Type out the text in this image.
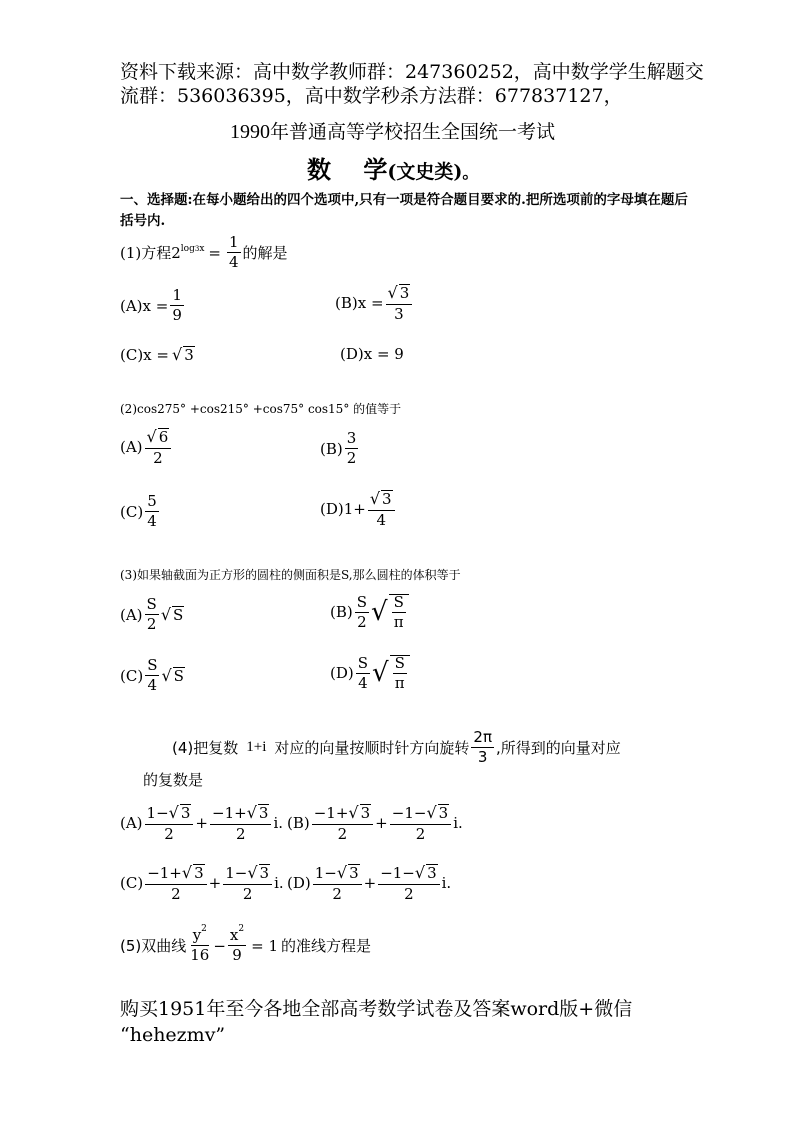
资料下载来源：高中数学教师群：247360252，高中数学学生解题交
流群：536036395，高中数学秒杀方法群：677837127，
1990年普通高等学校招生全国统一考试
数　 学(文史类)。
一、选择题:在每小题给出的四个选项中,只有一项是符合题目要求的.把所选项前的字母填在题后括号内.
(1)方程 2 $\log 3x = \frac{1}{4}$ 的解是
$(A)x = \frac{1}{9}$	$(B)x = \frac{√ 3}{3}$
(C)x = √ 3	(D)x = 9
(2)cos275° +cos215° +cos75° cos15° 的值等于
$(A) \frac{√ 6}{2}$	$(B) \frac{3}{2}$
$(C) \frac{5}{4}$	$(D)1+ \frac{√ 3}{4}$
(3)如果轴截面为正方形的圆柱的侧面积是S,那么圆柱的体积等于
$(A) \frac{S}{2}$ √ S	$(B) \frac{S}{2}$ √ $\frac{S}{\pi}$
$(C) \frac{S}{4}$ √ S	$(D) \frac{S}{4}$ √ $\frac{S}{\pi}$
(4)把复数 1+i 对应的向量按顺时针方向旋转 $\frac{2\pi}{3}$ ,所得到的向量对应
的复数是
$(A) \frac{1-√ 3}{2} + \frac{-1+√ 3}{2} i$. $(B) \frac{-1+√ 3}{2} + \frac{-1-√ 3}{2} i$.
$(C) \frac{-1+√ 3}{2} + \frac{1-√ 3}{2} i$. $(D) \frac{1-√ 3}{2} + \frac{-1-√ 3}{2} i$.
(5)双曲线 $\frac{y^2}{16} - \frac{x^2}{9} = 1$ 的准线方程是
购买1951年至今各地全部高考数学试卷及答案word版+微信
“hehezmv”
